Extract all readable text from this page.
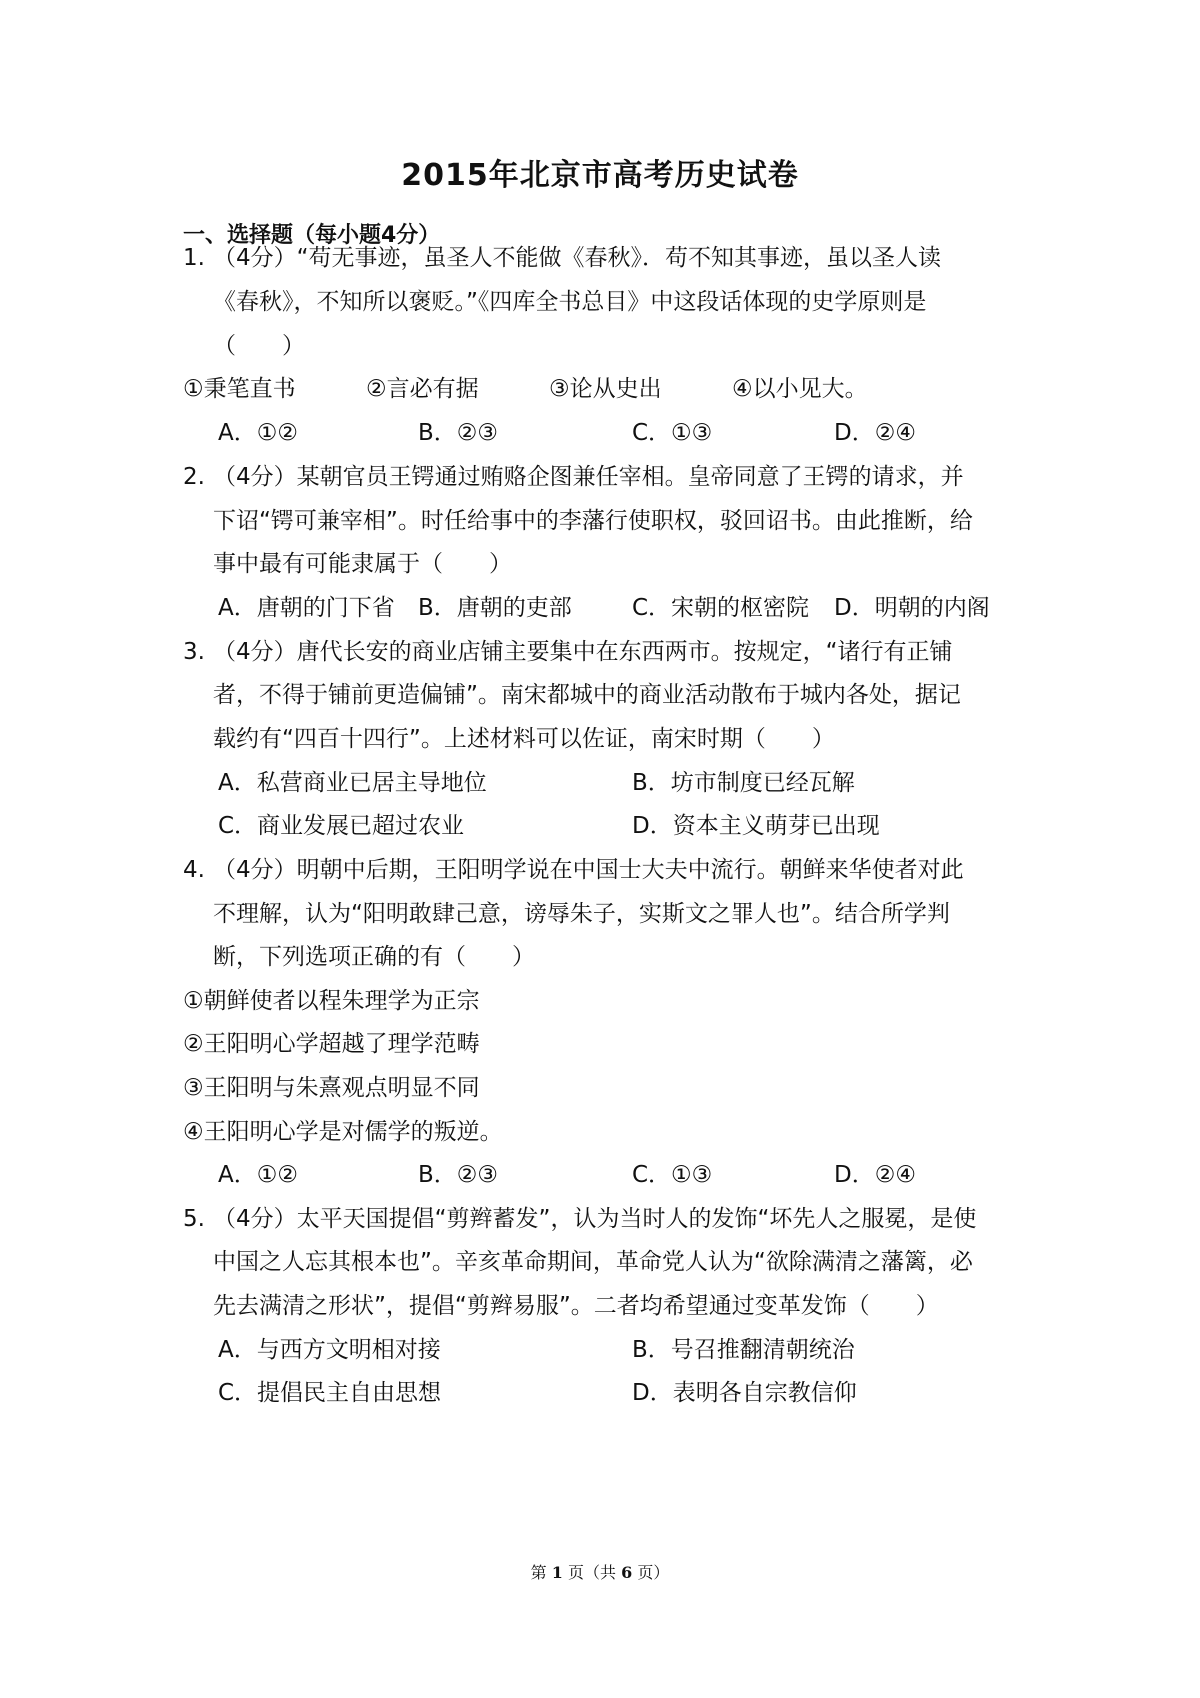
2015年北京市高考历史试卷
一、选择题（每小题4分）
1. （4分）“苟无事迹，虽圣人不能做《春秋》．苟不知其事迹，虽以圣人读
《春秋》，不知所以褒贬。”《四库全书总目》中这段话体现的史学原则是
（　　）
①秉笔直书	②言必有据	③论从史出	④以小见大。
A．①②	B．②③	C．①③	D．②④
2. （4分）某朝官员王锷通过贿赂企图兼任宰相。皇帝同意了王锷的请求，并
下诏“锷可兼宰相”。时任给事中的李藩行使职权，驳回诏书。由此推断，给
事中最有可能隶属于（　　）
A．唐朝的门下省 B．唐朝的吏部	C．宋朝的枢密院 D．明朝的内阁
3. （4分）唐代长安的商业店铺主要集中在东西两市。按规定，“诸行有正铺
者，不得于铺前更造偏铺”。南宋都城中的商业活动散布于城内各处，据记
载约有“四百十四行”。上述材料可以佐证，南宋时期（　　）
A．私营商业已居主导地位	B．坊市制度已经瓦解
C．商业发展已超过农业	D．资本主义萌芽已出现
4. （4分）明朝中后期，王阳明学说在中国士大夫中流行。朝鲜来华使者对此
不理解，认为“阳明敢肆己意，谤辱朱子，实斯文之罪人也”。结合所学判
断，下列选项正确的有（　　）
①朝鲜使者以程朱理学为正宗
②王阳明心学超越了理学范畴
③王阳明与朱熹观点明显不同
④王阳明心学是对儒学的叛逆。
A．①②	B．②③	C．①③	D．②④
5. （4分）太平天国提倡“剪辫蓄发”，认为当时人的发饰“坏先人之服冕，是使
中国之人忘其根本也”。辛亥革命期间，革命党人认为“欲除满清之藩篱，必
先去满清之形状”，提倡“剪辫易服”。二者均希望通过变革发饰（　　）
A．与西方文明相对接	B．号召推翻清朝统治
C．提倡民主自由思想	D．表明各自宗教信仰
第 1 页（共 6 页）
